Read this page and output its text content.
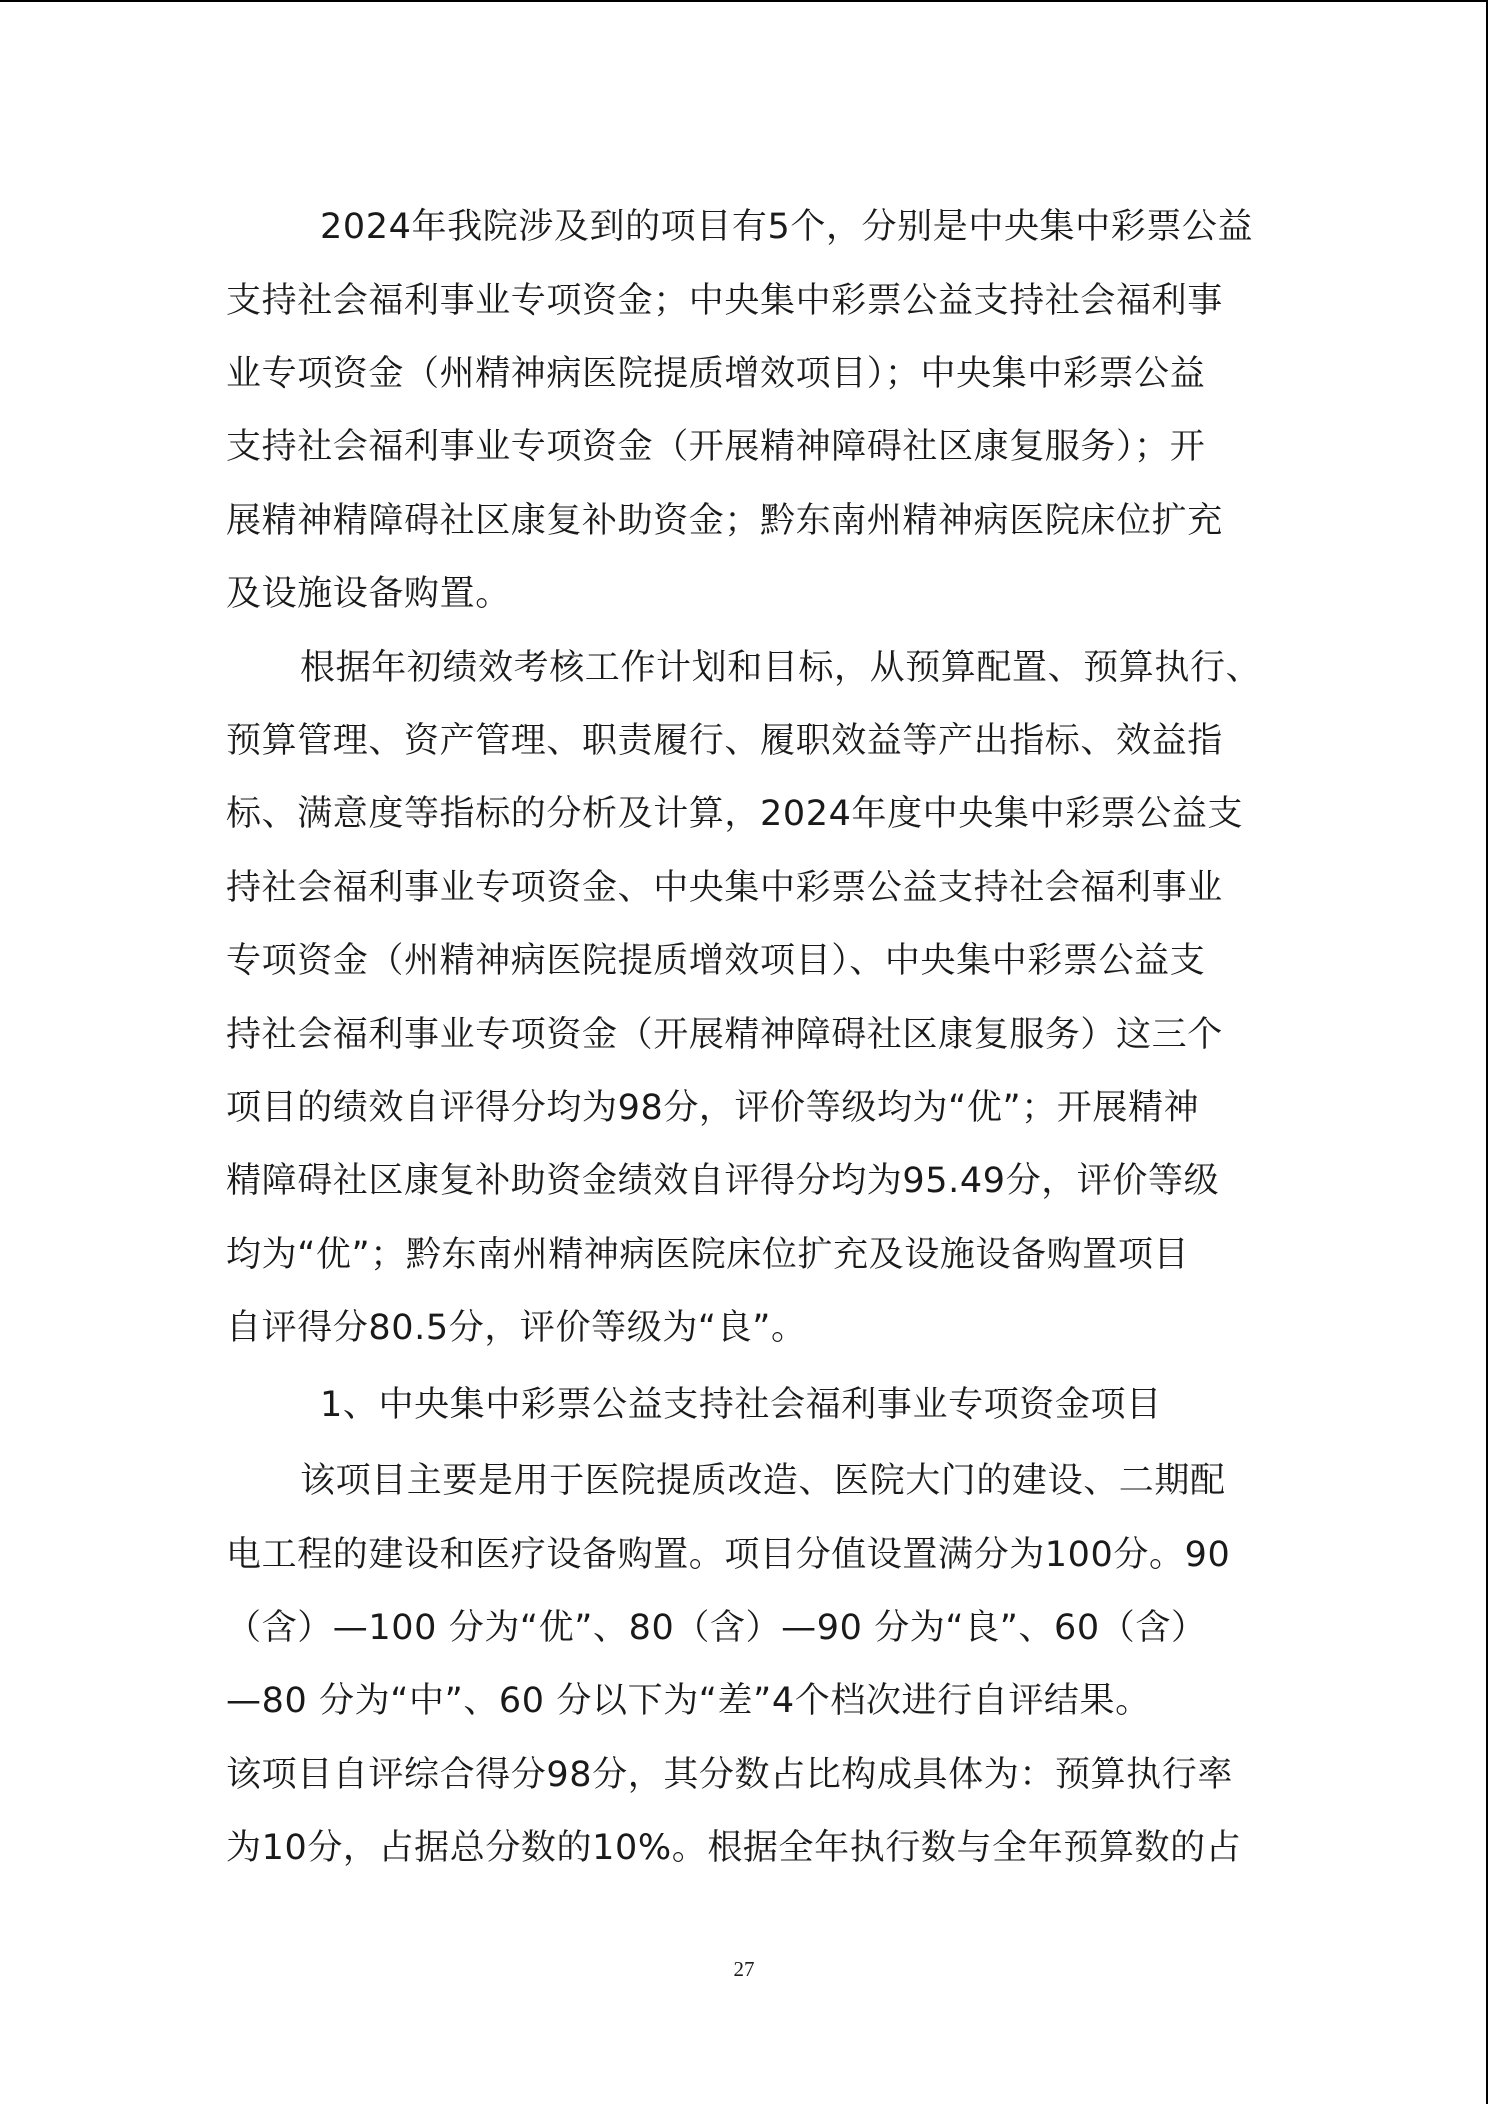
2024年我院涉及到的项目有5个，分别是中央集中彩票公益
支持社会福利事业专项资金；中央集中彩票公益支持社会福利事
业专项资金（州精神病医院提质增效项目）；中央集中彩票公益
支持社会福利事业专项资金（开展精神障碍社区康复服务）；开
展精神精障碍社区康复补助资金；黔东南州精神病医院床位扩充
及设施设备购置。
根据年初绩效考核工作计划和目标，从预算配置、预算执行、
预算管理、资产管理、职责履行、履职效益等产出指标、效益指
标、满意度等指标的分析及计算，2024年度中央集中彩票公益支
持社会福利事业专项资金、中央集中彩票公益支持社会福利事业
专项资金（州精神病医院提质增效项目）、中央集中彩票公益支
持社会福利事业专项资金（开展精神障碍社区康复服务）这三个
项目的绩效自评得分均为98分，评价等级均为“优”；开展精神
精障碍社区康复补助资金绩效自评得分均为95.49分，评价等级
均为“优”；黔东南州精神病医院床位扩充及设施设备购置项目
自评得分80.5分，评价等级为“良”。
1、中央集中彩票公益支持社会福利事业专项资金项目
该项目主要是用于医院提质改造、医院大门的建设、二期配
电工程的建设和医疗设备购置。项目分值设置满分为100分。90
（含）—100 分为“优”、80（含）—90 分为“良”、60（含）
—80 分为“中”、60 分以下为“差”4个档次进行自评结果。
该项目自评综合得分98分，其分数占比构成具体为：预算执行率
为10分，占据总分数的10%。根据全年执行数与全年预算数的占
27
